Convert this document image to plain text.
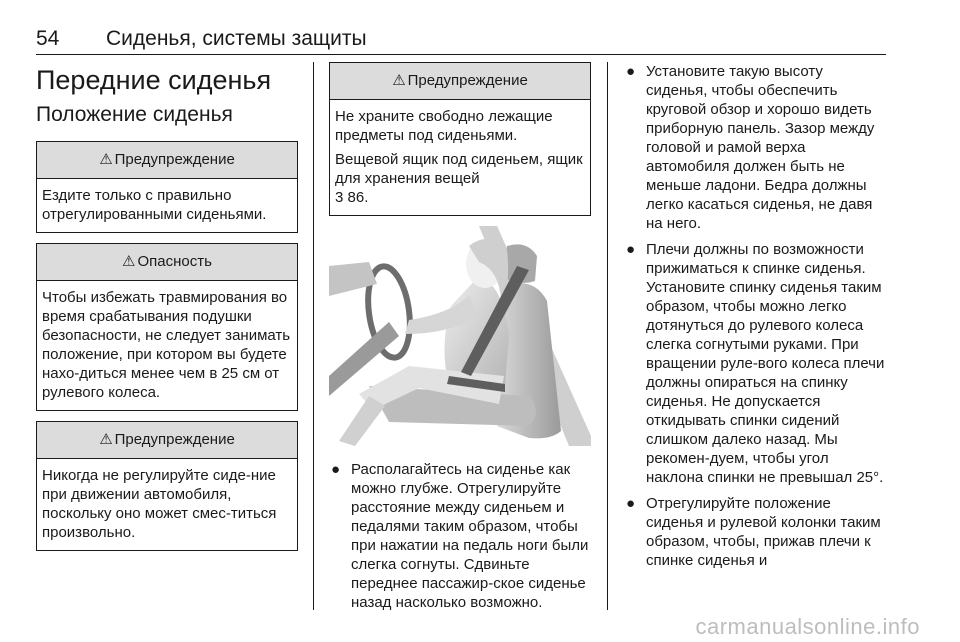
54 Сиденья, системы защиты
Передние сиденья
Положение сиденья
⚠ Предупреждение

Ездите только с правильно отрегулированными сиденьями.

⚠ Опасность

Чтобы избежать травмирования во время срабатывания подушки безопасности, не следует занимать положение, при котором вы будете нахо-диться менее чем в 25 см от рулевого колеса.

⚠ Предупреждение

Никогда не регулируйте сиде-ние при движении автомобиля, поскольку оно может смес-титься произвольно.

⚠ Предупреждение

Не храните свободно лежащие предметы под сиденьями.

Вещевой ящик под сиденьем, ящик для хранения вещей

3 86.

● Располагайтесь на сиденье как можно глубже. Отрегулируйте расстояние между сиденьем и педалями таким образом, чтобы при нажатии на педаль ноги были слегка согнуты. Сдвиньте переднее пассажир-ское сиденье назад насколько возможно.
● Установите такую высоту сиденья, чтобы обеспечить круговой обзор и хорошо видеть приборную панель. Зазор между головой и рамой верха автомобиля должен быть не меньше ладони. Бедра должны легко касаться сиденья, не давя на него.
● Плечи должны по возможности прижиматься к спинке сиденья. Установите спинку сиденья таким образом, чтобы можно легко дотянуться до рулевого колеса слегка согнутыми руками. При вращении руле-вого колеса плечи должны опираться на спинку сиденья. Не допускается откидывать спинки сидений слишком далеко назад. Мы рекомен-дуем, чтобы угол наклона спинки не превышал 25°.
● Отрегулируйте положение сиденья и рулевой колонки таким образом, чтобы, прижав плечи к спинке сиденья и
carmanualsonline.info
